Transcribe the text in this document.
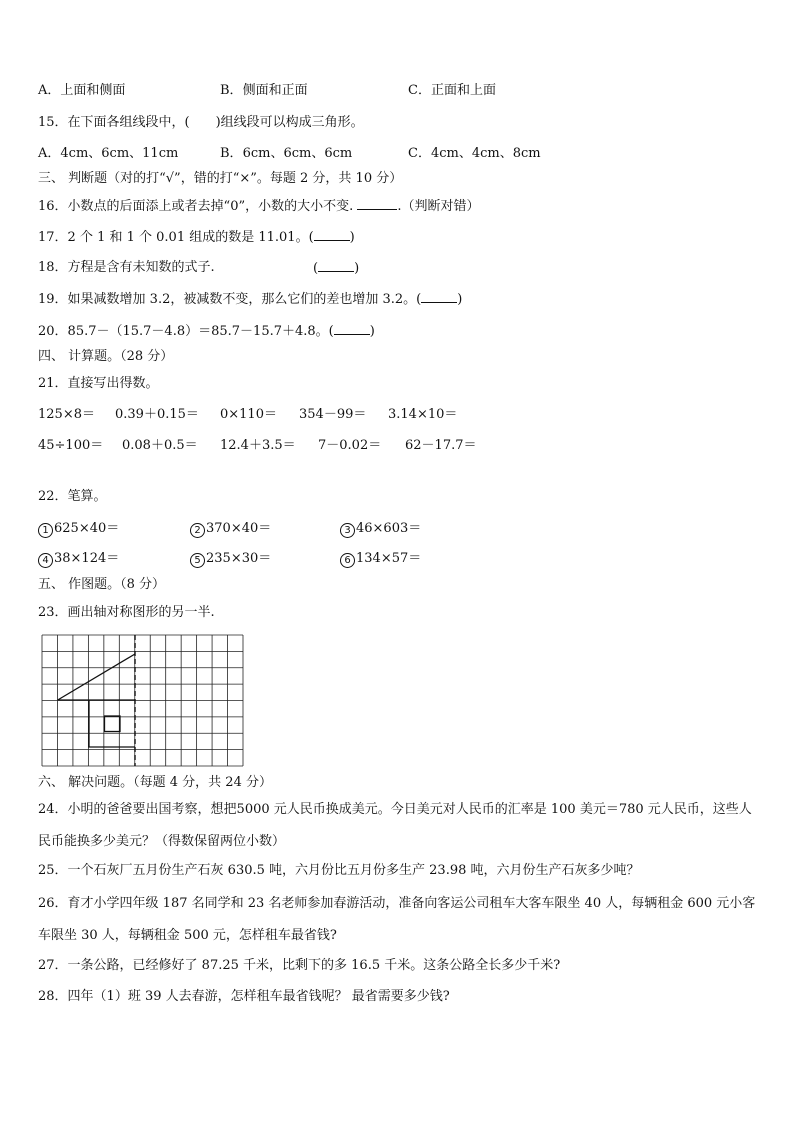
A．上面和侧面	B．侧面和正面	C．正面和上面
15．在下面各组线段中，(　　)组线段可以构成三角形。
A．4cm、6cm、11cm	B．6cm、6cm、6cm	C．4cm、4cm、8cm
三、 判断题（对的打“√”，错的打“×”。每题 2 分，共 10 分）
16．小数点的后面添上或者去掉“0”，小数的大小不变.	.（判断对错）
17．2 个 1 和 1 个 0.01 组成的数是 11.01。(	)
18．方程是含有未知数的式子.	(	)
19．如果减数增加 3.2，被减数不变，那么它们的差也增加 3.2。(	)
20．85.7－（15.7－4.8）＝85.7－15.7＋4.8。(	)
四、 计算题。（28 分）
21．直接写出得数。
125×8＝ 0.39＋0.15＝ 0×110＝ 354－99＝ 3.14×10＝
45÷100＝ 0.08＋0.5＝ 12.4＋3.5＝ 7－0.02＝ 62－17.7＝
22．笔算。
1 625×40＝	2 370×40＝	3 46×603＝
4 38×124＝	5 235×30＝	6 134×57＝
五、 作图题。（8 分）
23．画出轴对称图形的另一半.
六、 解决问题。（每题 4 分，共 24 分）
24．小明的爸爸要出国考察，想把5000 元人民币换成美元。今日美元对人民币的汇率是 100 美元＝780 元人民币，这些人民币能换多少美元？（得数保留两位小数）
25．一个石灰厂五月份生产石灰 630.5 吨，六月份比五月份多生产 23.98 吨，六月份生产石灰多少吨？
26．育才小学四年级 187 名同学和 23 名老师参加春游活动，准备向客运公司租车大客车限坐 40 人，每辆租金 600 元小客车限坐 30 人，每辆租金 500 元，怎样租车最省钱?
27．一条公路，已经修好了 87.25 千米，比剩下的多 16.5 千米。这条公路全长多少千米?
28．四年（1）班 39 人去春游，怎样租车最省钱呢？ 最省需要多少钱?
